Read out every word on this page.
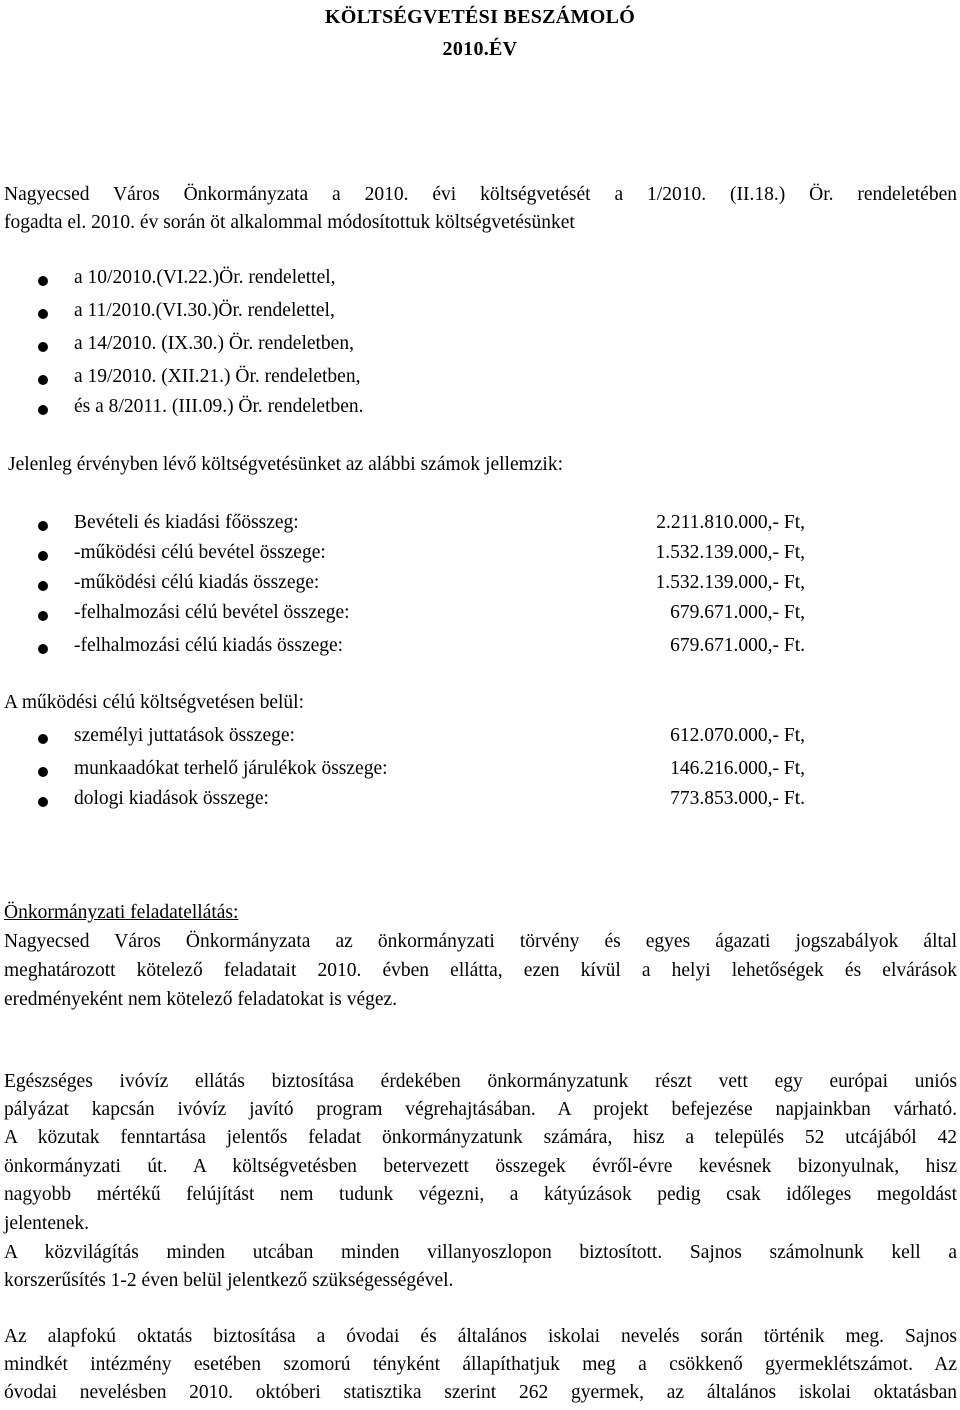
KÖLTSÉGVETÉSI BESZÁMOLÓ
2010.ÉV
Nagyecsed Város Önkormányzata a 2010. évi költségvetését a 1/2010. (II.18.) Ör. rendeletében
fogadta el. 2010. év során öt alkalommal módosítottuk költségvetésünket
a 10/2010.(VI.22.)Ör. rendelettel,
a 11/2010.(VI.30.)Ör. rendelettel,
a 14/2010. (IX.30.) Ör. rendeletben,
a 19/2010. (XII.21.) Ör. rendeletben,
és a 8/2011. (III.09.) Ör. rendeletben.
Jelenleg érvényben lévő költségvetésünket az alábbi számok jellemzik:
Bevételi és kiadási főösszeg:	2.211.810.000,- Ft,
-működési célú bevétel összege:	1.532.139.000,- Ft,
-működési célú kiadás összege:	1.532.139.000,- Ft,
-felhalmozási célú bevétel összege:	679.671.000,- Ft,
-felhalmozási célú kiadás összege:	679.671.000,- Ft.
A működési célú költségvetésen belül:
személyi juttatások összege:	612.070.000,- Ft,
munkaadókat terhelő járulékok összege:	146.216.000,- Ft,
dologi kiadások összege:	773.853.000,- Ft.
Önkormányzati feladatellátás:
Nagyecsed Város Önkormányzata az önkormányzati törvény és egyes ágazati jogszabályok által
meghatározott kötelező feladatait 2010. évben ellátta, ezen kívül a helyi lehetőségek és elvárások
eredményeként nem kötelező feladatokat is végez.
Egészséges ivóvíz ellátás biztosítása érdekében önkormányzatunk részt vett egy európai uniós
pályázat kapcsán ivóvíz javító program végrehajtásában. A projekt befejezése napjainkban várható.
A közutak fenntartása jelentős feladat önkormányzatunk számára, hisz a település 52 utcájából 42
önkormányzati út. A költségvetésben betervezett összegek évről-évre kevésnek bizonyulnak, hisz
nagyobb mértékű felújítást nem tudunk végezni, a kátyúzások pedig csak időleges megoldást
jelentenek.
A közvilágítás minden utcában minden villanyoszlopon biztosított. Sajnos számolnunk kell a
korszerűsítés 1-2 éven belül jelentkező szükségességével.
Az alapfokú oktatás biztosítása a óvodai és általános iskolai nevelés során történik meg. Sajnos
mindkét intézmény esetében szomorú tényként állapíthatjuk meg a csökkenő gyermeklétszámot. Az
óvodai nevelésben 2010. októberi statisztika szerint 262 gyermek, az általános iskolai oktatásban
